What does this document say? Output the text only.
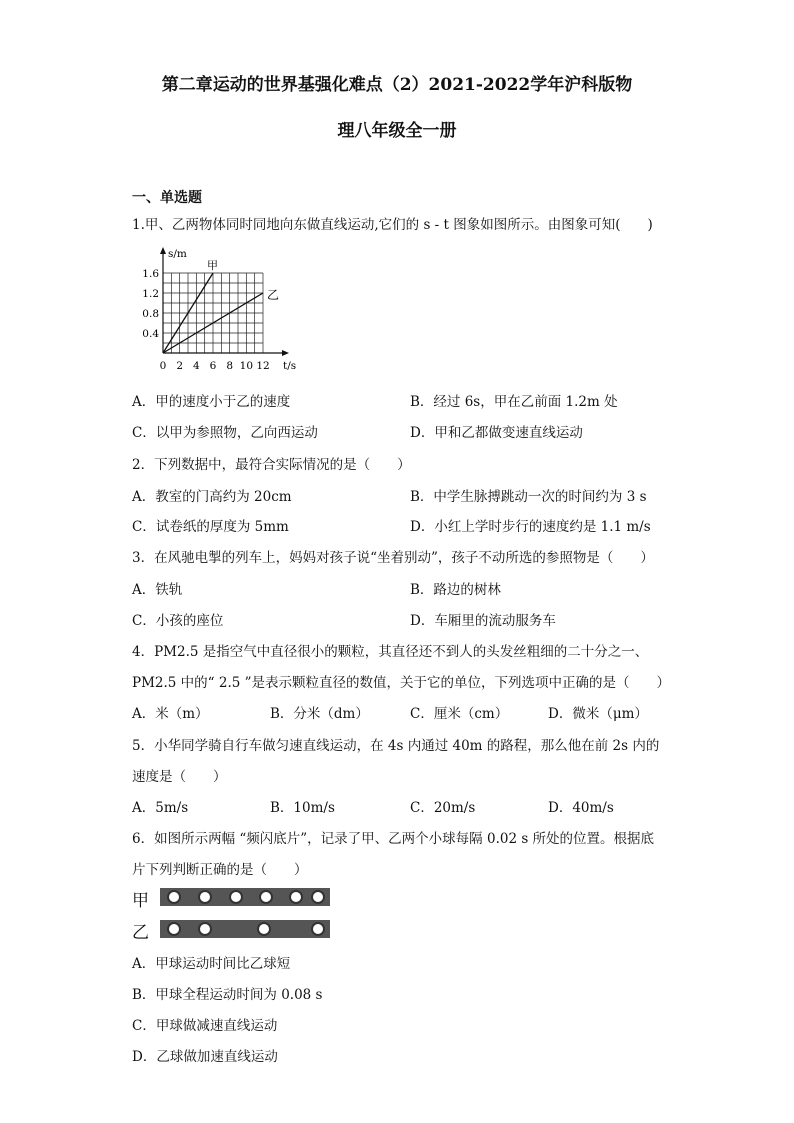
第二章运动的世界基强化难点（2）2021-2022学年沪科版物
理八年级全一册
一、单选题
1.甲、乙两物体同时同地向东做直线运动,它们的 s - t 图象如图所示。由图象可知(　　)
甲
乙
0 2 4 6 8 10 12
0.4
0.8
1.2
1.6
t/s
s/m
A．甲的速度小于乙的速度	B．经过 6s，甲在乙前面 1.2m 处
C．以甲为参照物，乙向西运动	D．甲和乙都做变速直线运动
2．下列数据中，最符合实际情况的是（　　）
A．教室的门高约为 20cm	B．中学生脉搏跳动一次的时间约为 3 s
C．试卷纸的厚度为 5mm	D．小红上学时步行的速度约是 1.1 m/s
3．在风驰电掣的列车上，妈妈对孩子说“坐着别动”，孩子不动所选的参照物是（　　）
A．铁轨	B．路边的树林
C．小孩的座位	D．车厢里的流动服务车
4．PM2.5 是指空气中直径很小的颗粒，其直径还不到人的头发丝粗细的二十分之一、
PM2.5 中的“ 2.5 ”是表示颗粒直径的数值，关于它的单位，下列选项中正确的是（　　）
A．米（m）	B．分米（dm）	C．厘米（cm）	D．微米（μm）
5．小华同学骑自行车做匀速直线运动，在 4s 内通过 40m 的路程，那么他在前 2s 内的
速度是（　　）
A．5m/s	B．10m/s	C．20m/s	D．40m/s
6．如图所示两幅 “频闪底片”，记录了甲、乙两个小球每隔 0.02 s 所处的位置。根据底
片下列判断正确的是（　　）
甲
乙
A．甲球运动时间比乙球短
B．甲球全程运动时间为 0.08 s
C．甲球做减速直线运动
D．乙球做加速直线运动
